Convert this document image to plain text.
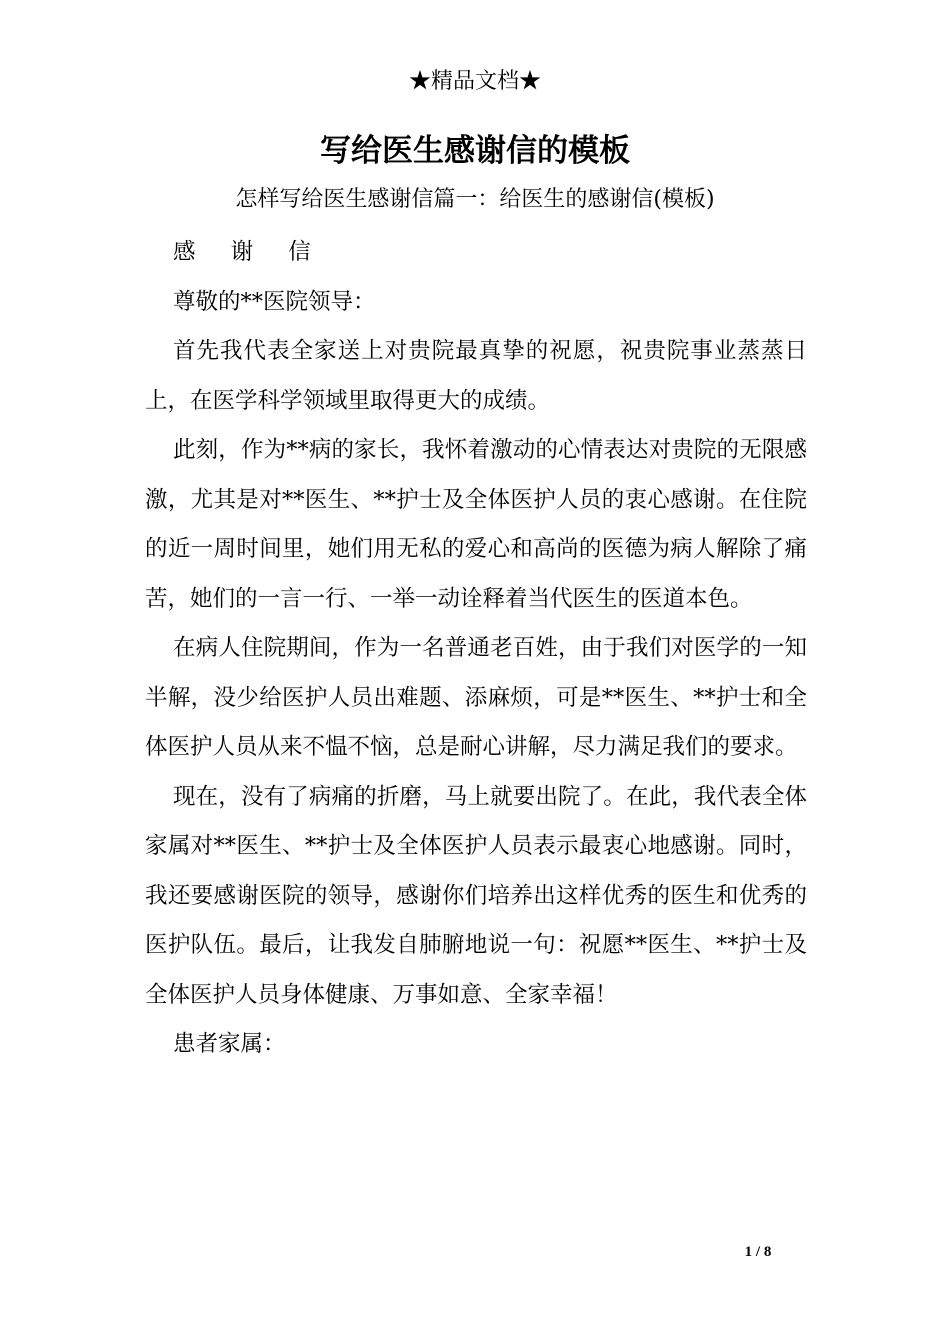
★精品文档★
写给医生感谢信的模板
怎样写给医生感谢信篇一：给医生的感谢信(模板)

感 谢 信

尊敬的**医院领导：

首先我代表全家送上对贵院最真挚的祝愿，祝贵院事业蒸蒸日上，在医学科学领域里取得更大的成绩。

此刻，作为**病的家长，我怀着激动的心情表达对贵院的无限感激，尤其是对**医生、**护士及全体医护人员的衷心感谢。在住院的近一周时间里，她们用无私的爱心和高尚的医德为病人解除了痛苦，她们的一言一行、一举一动诠释着当代医生的医道本色。

在病人住院期间，作为一名普通老百姓，由于我们对医学的一知半解，没少给医护人员出难题、添麻烦，可是**医生、**护士和全体医护人员从来不愠不恼，总是耐心讲解，尽力满足我们的要求。

现在，没有了病痛的折磨，马上就要出院了。在此，我代表全体家属对**医生、**护士及全体医护人员表示最衷心地感谢。同时，我还要感谢医院的领导，感谢你们培养出这样优秀的医生和优秀的医护队伍。最后，让我发自肺腑地说一句：祝愿**医生、**护士及全体医护人员身体健康、万事如意、全家幸福！

患者家属：

1 / 8
